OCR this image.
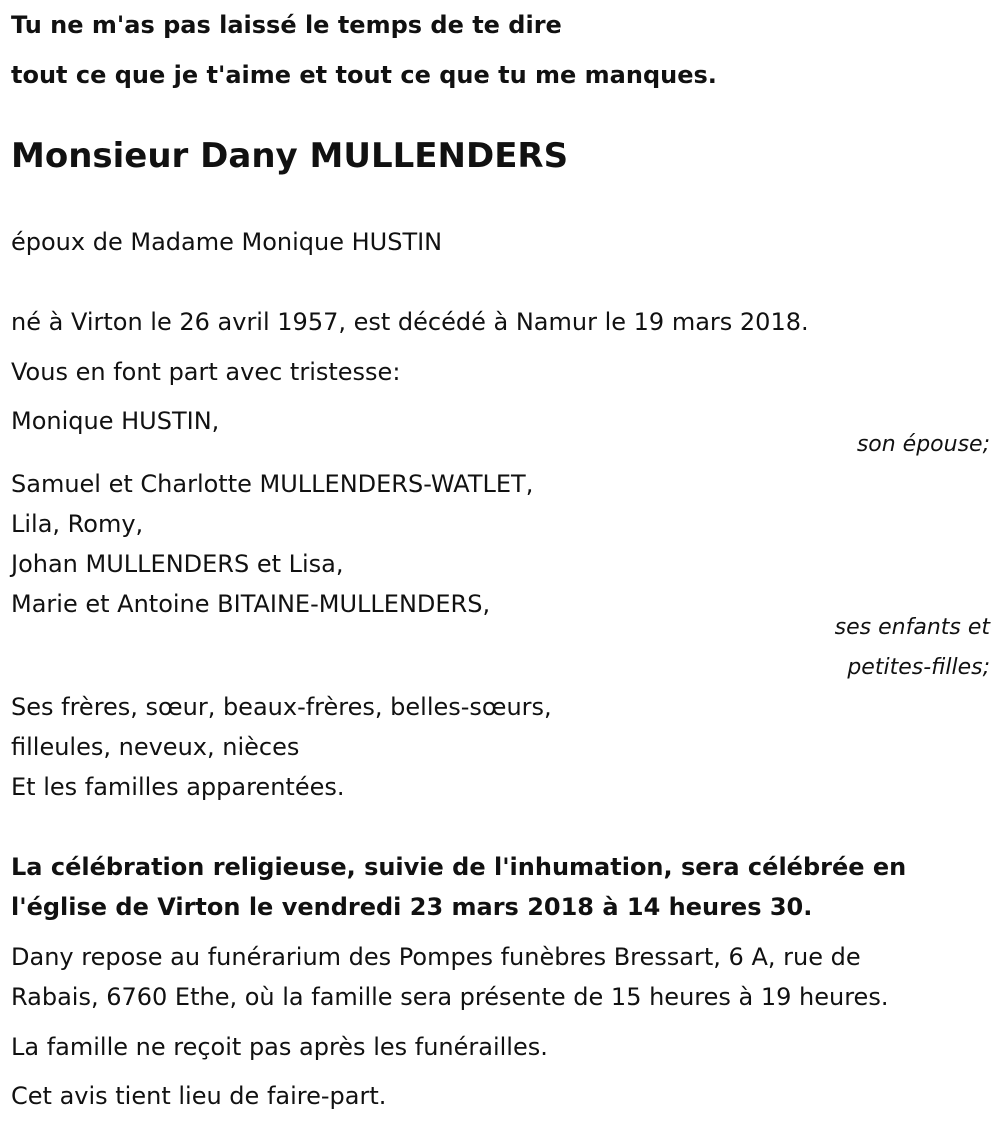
Tu ne m'as pas laissé le temps de te dire
tout ce que je t'aime et tout ce que tu me manques.
Monsieur Dany MULLENDERS
époux de Madame Monique HUSTIN
né à Virton le 26 avril 1957, est décédé à Namur le 19 mars 2018.
Vous en font part avec tristesse:
Monique HUSTIN,
son épouse;
Samuel et Charlotte MULLENDERS-WATLET,
Lila, Romy,
Johan MULLENDERS et Lisa,
Marie et Antoine BITAINE-MULLENDERS,
ses enfants et
petites-filles;
Ses frères, sœur, beaux-frères, belles-sœurs,
filleules, neveux, nièces
Et les familles apparentées.
La célébration religieuse, suivie de l'inhumation, sera célébrée en
l'église de Virton le vendredi 23 mars 2018 à 14 heures 30.
Dany repose au funérarium des Pompes funèbres Bressart, 6 A, rue de
Rabais, 6760 Ethe, où la famille sera présente de 15 heures à 19 heures.
La famille ne reçoit pas après les funérailles.
Cet avis tient lieu de faire-part.
